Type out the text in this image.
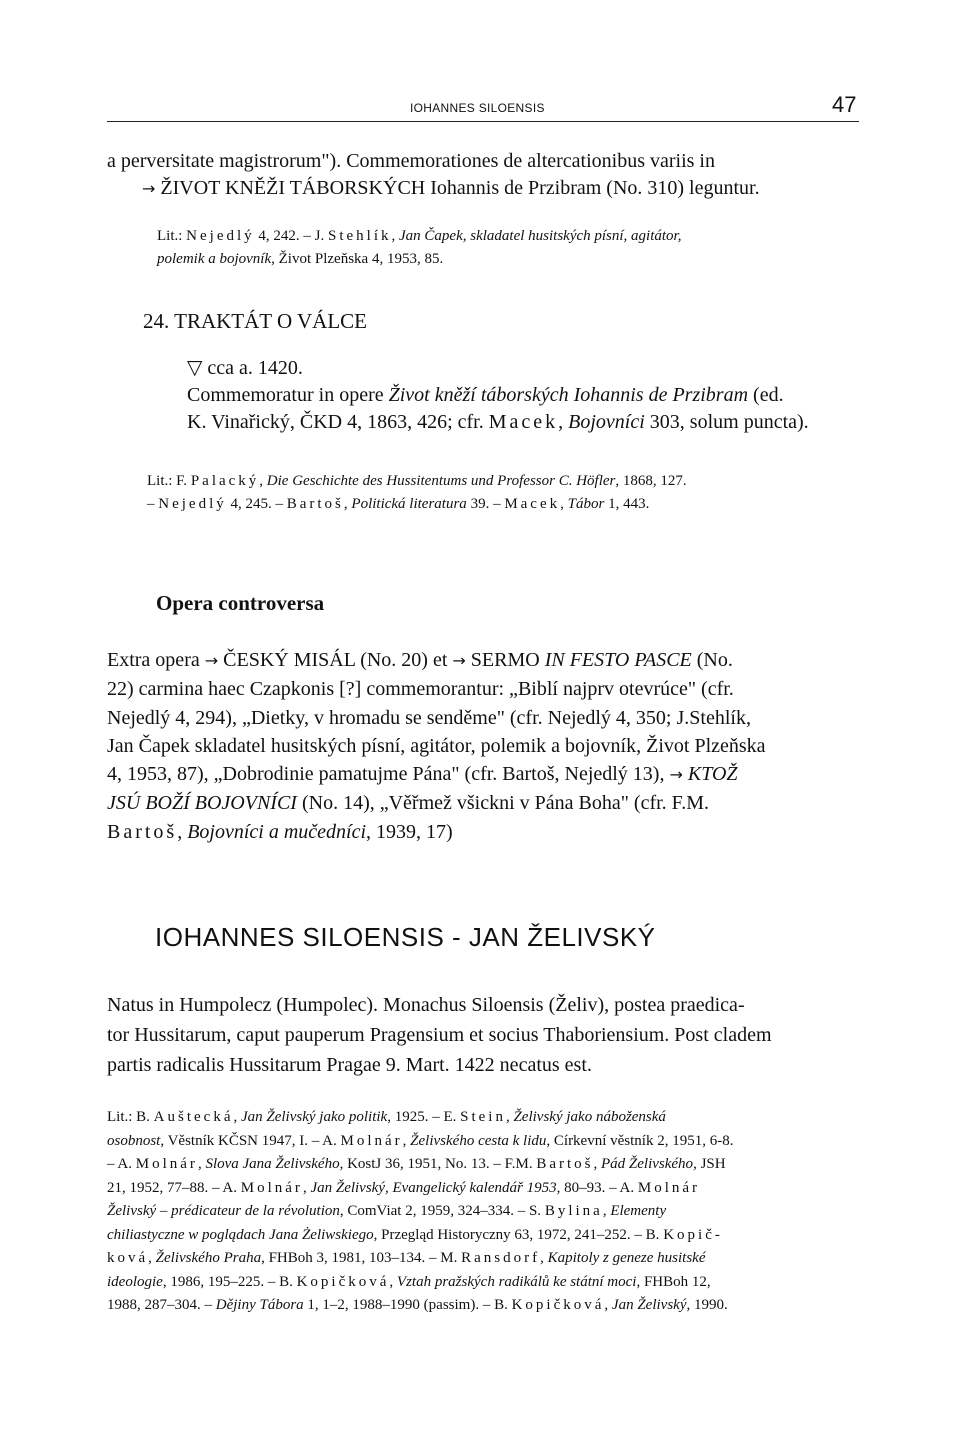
IOHANNES SILOENSIS	47
a perversitate magistrorum"). Commemorationes de altercationibus variis in
→ ŽIVOT KNĚŽI TÁBORSKÝCH Iohannis de Przibram (No. 310) leguntur.
Lit.: Nejedlý 4, 242. – J. Stehlík, Jan Čapek, skladatel husitských písní, agitátor,
polemik a bojovník, Život Plzeňska 4, 1953, 85.
24. TRAKTÁT O VÁLCE
▽ cca a. 1420.
Commemoratur in opere Život kněží táborských Iohannis de Przibram (ed.
K. Vinařický, ČKD 4, 1863, 426; cfr. Macek, Bojovníci 303, solum puncta).
Lit.: F. Palacký, Die Geschichte des Hussitentums und Professor C. Höfler, 1868, 127.
– Nejedlý 4, 245. – Bartoš, Politická literatura 39. – Macek, Tábor 1, 443.
Opera controversa
Extra opera → ČESKÝ MISÁL (No. 20) et → SERMO IN FESTO PASCE (No.
22) carmina haec Czapkonis [?] commemorantur: „Biblí najprv otevrúce" (cfr.
Nejedlý 4, 294), „Dietky, v hromadu se senděme" (cfr. Nejedlý 4, 350; J.Stehlík,
Jan Čapek skladatel husitských písní, agitátor, polemik a bojovník, Život Plzeňska
4, 1953, 87), „Dobrodinie pamatujme Pána" (cfr. Bartoš, Nejedlý 13), → KTOŽ
JSÚ BOŽÍ BOJOVNÍCI (No. 14), „Věřmež všickni v Pána Boha" (cfr. F.M.
Bartoš, Bojovníci a mučedníci, 1939, 17)
IOHANNES SILOENSIS - JAN ŽELIVSKÝ
Natus in Humpolecz (Humpolec). Monachus Siloensis (Želiv), postea praedica-
tor Hussitarum, caput pauperum Pragensium et socius Thaboriensium. Post cladem
partis radicalis Hussitarum Pragae 9. Mart. 1422 necatus est.
Lit.: B. Auštecká, Jan Želivský jako politik, 1925. – E. Stein, Želivský jako náboženská
osobnost, Věstník KČSN 1947, I. – A. Molnár, Želivského cesta k lidu, Církevní věstník 2, 1951, 6-8.
– A. Molnár, Slova Jana Želivského, KostJ 36, 1951, No. 13. – F.M. Bartoš, Pád Želivského, JSH
21, 1952, 77–88. – A. Molnár, Jan Želivský, Evangelický kalendář 1953, 80–93. – A. Molnár
Želivský – prédicateur de la révolution, ComViat 2, 1959, 324–334. – S. Bylina, Elementy
chiliastyczne w poglądach Jana Żeliwskiego, Przegląd Historyczny 63, 1972, 241–252. – B. Kopič-
ková, Želivského Praha, FHBoh 3, 1981, 103–134. – M. Ransdorf, Kapitoly z geneze husitské
ideologie, 1986, 195–225. – B. Kopičková, Vztah pražských radikálů ke státní moci, FHBoh 12,
1988, 287–304. – Dějiny Tábora 1, 1–2, 1988–1990 (passim). – B. Kopičková, Jan Želivský, 1990.
